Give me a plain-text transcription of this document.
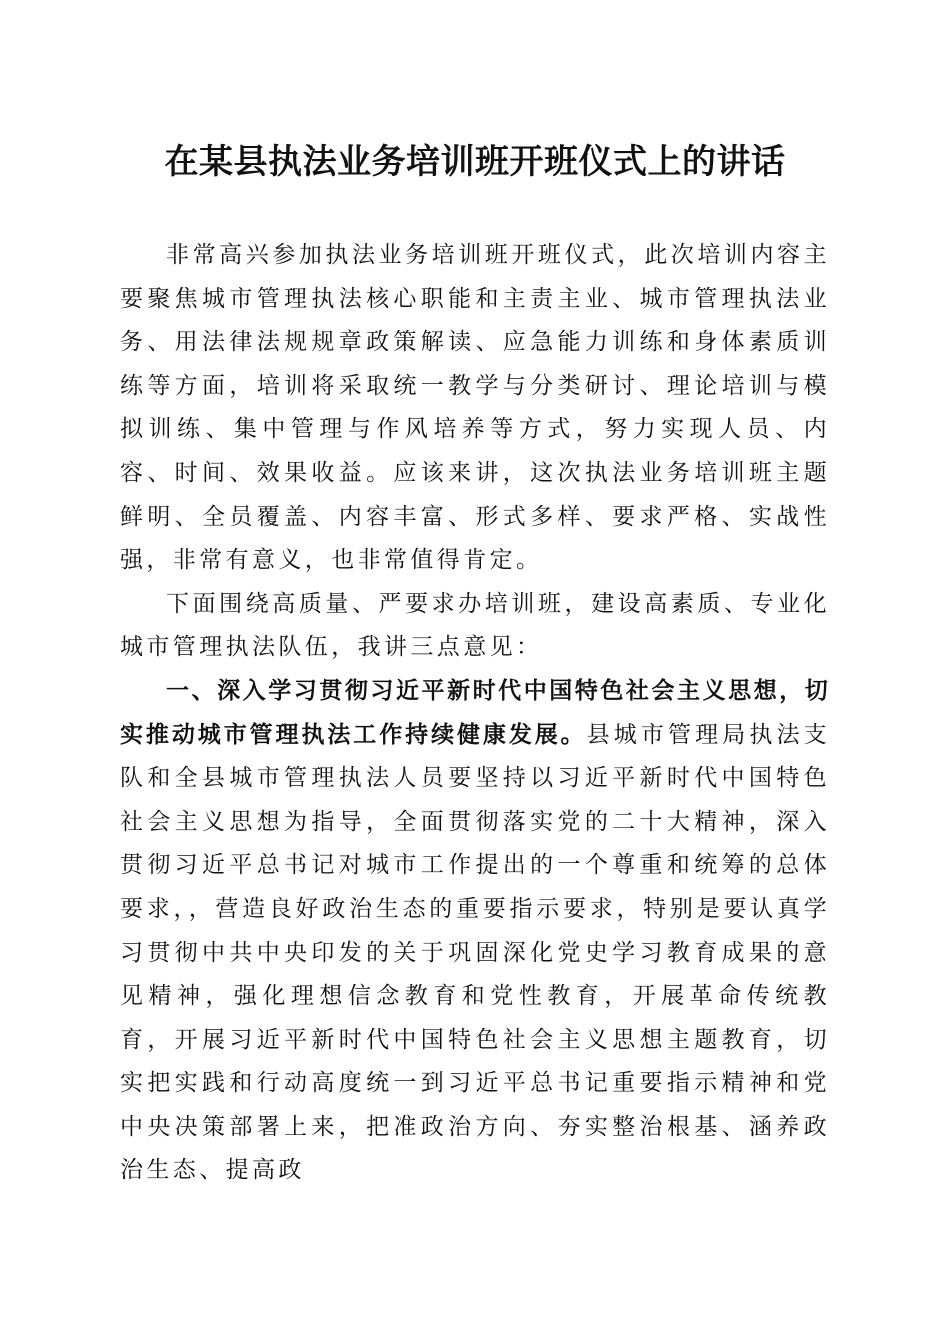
在某县执法业务培训班开班仪式上的讲话

非常高兴参加执法业务培训班开班仪式，此次培训内容主要聚焦城市管理执法核心职能和主责主业、城市管理执法业务、用法律法规规章政策解读、应急能力训练和身体素质训练等方面，培训将采取统一教学与分类研讨、理论培训与模拟训练、集中管理与作风培养等方式，努力实现人员、内容、时间、效果收益。应该来讲，这次执法业务培训班主题鲜明、全员覆盖、内容丰富、形式多样、要求严格、实战性强，非常有意义，也非常值得肯定。

下面围绕高质量、严要求办培训班，建设高素质、专业化城市管理执法队伍，我讲三点意见：

一、深入学习贯彻习近平新时代中国特色社会主义思想，切实推动城市管理执法工作持续健康发展。县城市管理局执法支队和全县城市管理执法人员要坚持以习近平新时代中国特色社会主义思想为指导，全面贯彻落实党的二十大精神，深入贯彻习近平总书记对城市工作提出的一个尊重和统筹的总体要求，，营造良好政治生态的重要指示要求，特别是要认真学习贯彻中共中央印发的关于巩固深化党史学习教育成果的意见精神，强化理想信念教育和党性教育，开展革命传统教育，开展习近平新时代中国特色社会主义思想主题教育，切实把实践和行动高度统一到习近平总书记重要指示精神和党中央决策部署上来，把准政治方向、夯实整治根基、涵养政治生态、提高政
